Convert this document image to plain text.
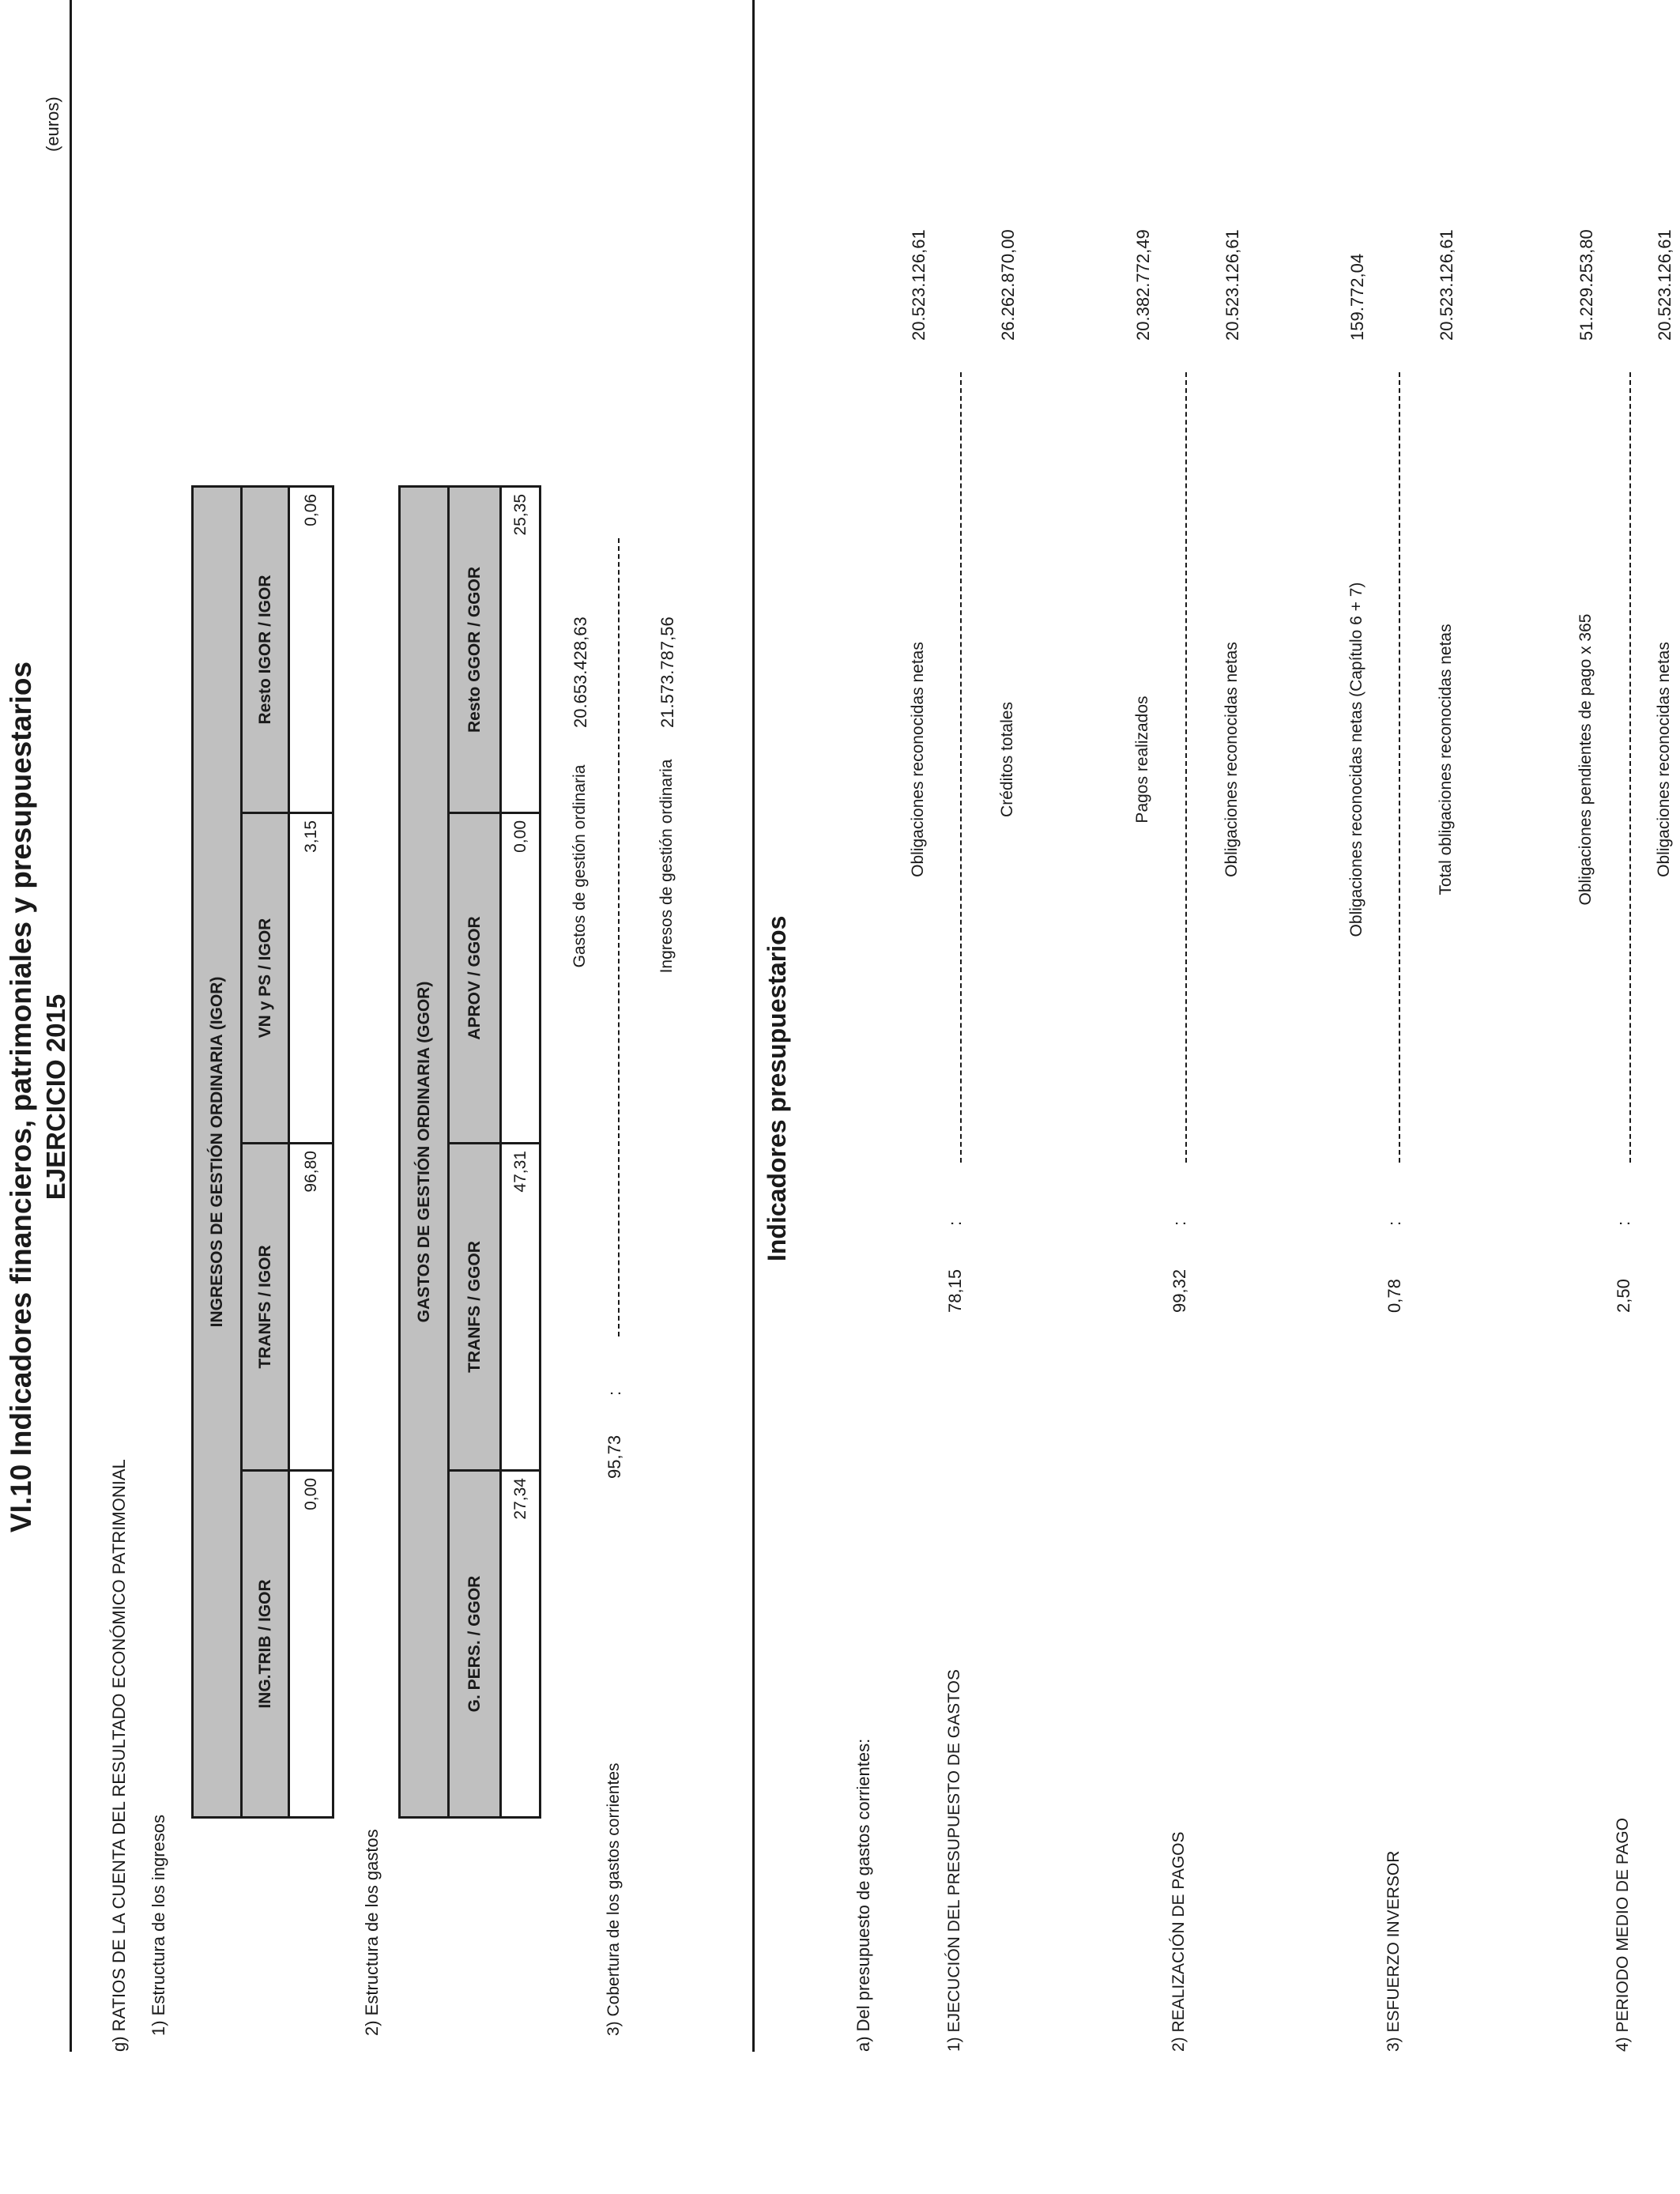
VI.10 Indicadores financieros, patrimoniales y presupuestarios EJERCICIO 2015
(euros)
g) RATIOS DE LA CUENTA DEL RESULTADO ECONÓMICO PATRIMONIAL 1) Estructura de los ingresos
INGRESOS DE GESTIÓN ORDINARIA (IGOR)			
ING.TRIB / IGOR	TRANFS / IGOR	VN y PS / IGOR	Resto IGOR / IGOR
0,00	96,80	3,15	0,06
2) Estructura de los gastos
GASTOS DE GESTIÓN ORDINARIA (GGOR)			
G. PERS. / GGOR	TRANFS / GGOR	APROV / GGOR	Resto GGOR / GGOR
27,34	47,31	0,00	25,35
3) Cobertura de los gastos corrientes
95,73
:
Gastos de gestión ordinaria	Ingresos de gestión ordinaria
20.653.428,63	21.573.787,56
Indicadores presupuestarios
a) Del presupuesto de gastos corrientes:	1) EJECUCIÓN DEL PRESUPUESTO DE GASTOS
78,15
:
Obligaciones reconocidas netas	Créditos totales
20.523.126,61	26.262.870,00
2) REALIZACIÓN DE PAGOS
99,32
:
Pagos realizados	Obligaciones reconocidas netas
20.382.772,49	20.523.126,61
3) ESFUERZO INVERSOR
0,78
:
Obligaciones reconocidas netas (Capítulo 6 + 7)	Total obligaciones reconocidas netas
159.772,04	20.523.126,61
4) PERIODO MEDIO DE PAGO
2,50
:
Obligaciones pendientes de pago x 365	Obligaciones reconocidas netas
51.229.253,80	20.523.126,61
